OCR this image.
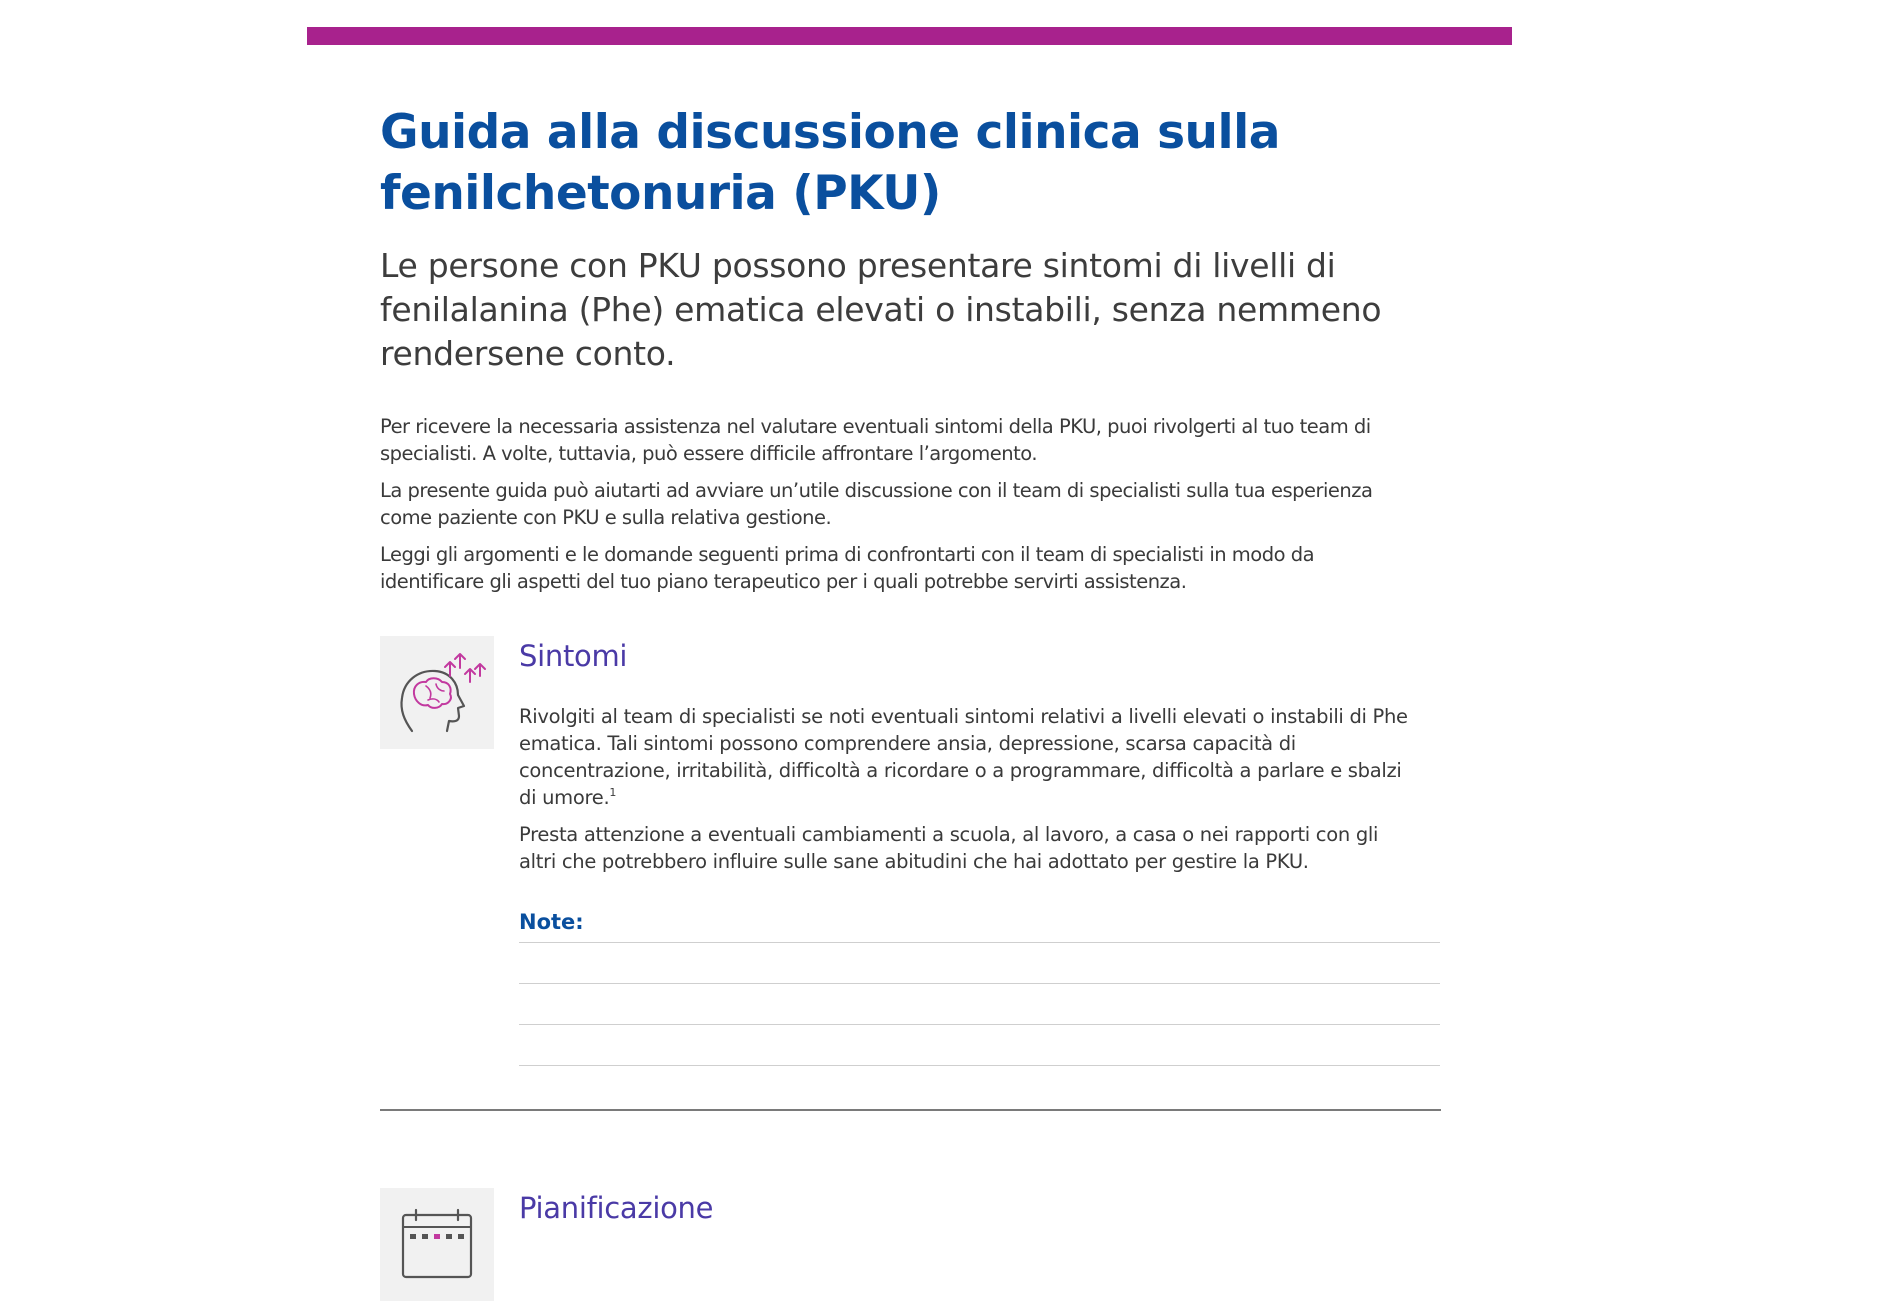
Guida alla discussione clinica sulla fenilchetonuria (PKU)
Le persone con PKU possono presentare sintomi di livelli di fenilalanina (Phe) ematica elevati o instabili, senza nemmeno rendersene conto.

Per ricevere la necessaria assistenza nel valutare eventuali sintomi della PKU, puoi rivolgerti al tuo team di specialisti. A volte, tuttavia, può essere difficile affrontare l’argomento.

La presente guida può aiutarti ad avviare un’utile discussione con il team di specialisti sulla tua esperienza come paziente con PKU e sulla relativa gestione.

Leggi gli argomenti e le domande seguenti prima di confrontarti con il team di specialisti in modo da identificare gli aspetti del tuo piano terapeutico per i quali potrebbe servirti assistenza.

Sintomi

Rivolgiti al team di specialisti se noti eventuali sintomi relativi a livelli elevati o instabili di Phe ematica. Tali sintomi possono comprendere ansia, depressione, scarsa capacità di concentrazione, irritabilità, difficoltà a ricordare o a programmare, difficoltà a parlare e sbalzi di umore.$^1$

Presta attenzione a eventuali cambiamenti a scuola, al lavoro, a casa o nei rapporti con gli altri che potrebbero influire sulle sane abitudini che hai adottato per gestire la PKU.

Note:
Pianificazione
